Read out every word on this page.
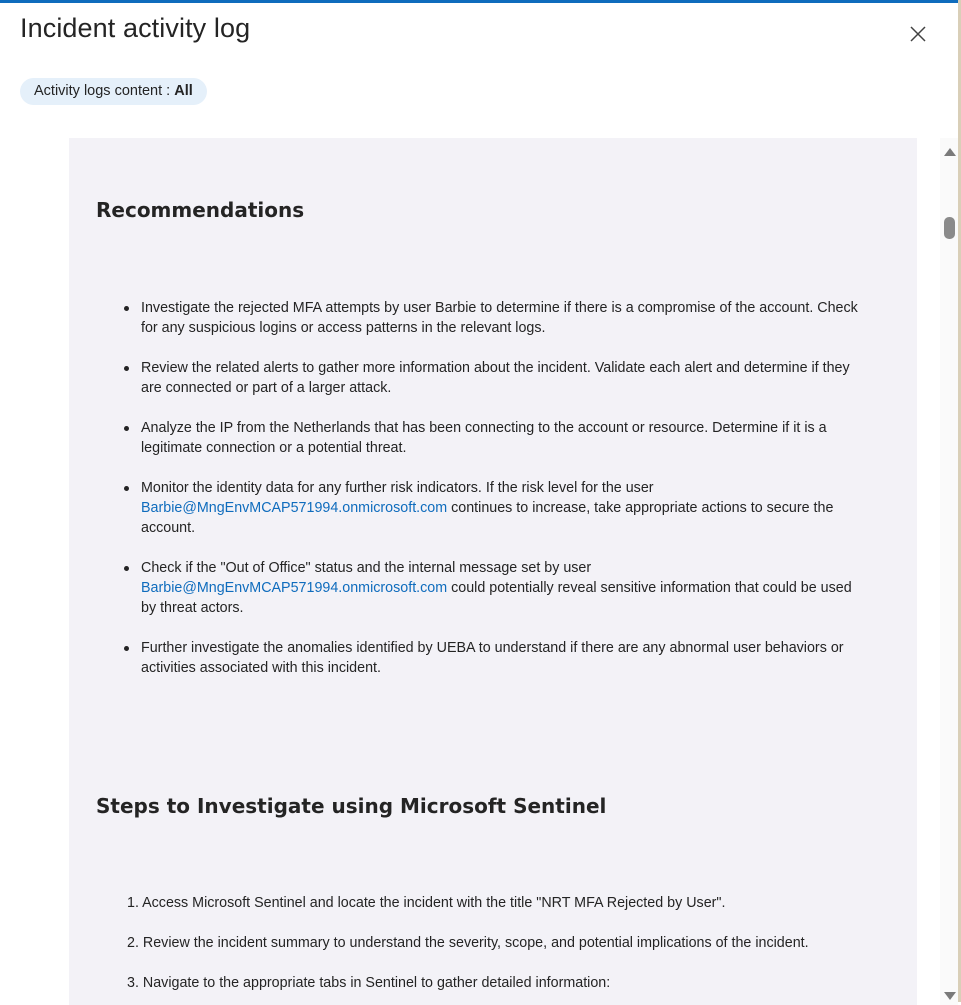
Incident activity log
Activity logs content : All
Recommendations
Investigate the rejected MFA attempts by user Barbie to determine if there is a compromise of the account. Check for any suspicious logins or access patterns in the relevant logs.
Review the related alerts to gather more information about the incident. Validate each alert and determine if they are connected or part of a larger attack.
Analyze the IP from the Netherlands that has been connecting to the account or resource. Determine if it is a legitimate connection or a potential threat.
Monitor the identity data for any further risk indicators. If the risk level for the user Barbie@MngEnvMCAP571994.onmicrosoft.com continues to increase, take appropriate actions to secure the account.
Check if the "Out of Office" status and the internal message set by user Barbie@MngEnvMCAP571994.onmicrosoft.com could potentially reveal sensitive information that could be used by threat actors.
Further investigate the anomalies identified by UEBA to understand if there are any abnormal user behaviors or activities associated with this incident.
Steps to Investigate using Microsoft Sentinel
1. Access Microsoft Sentinel and locate the incident with the title "NRT MFA Rejected by User".
2. Review the incident summary to understand the severity, scope, and potential implications of the incident.
3. Navigate to the appropriate tabs in Sentinel to gather detailed information:
